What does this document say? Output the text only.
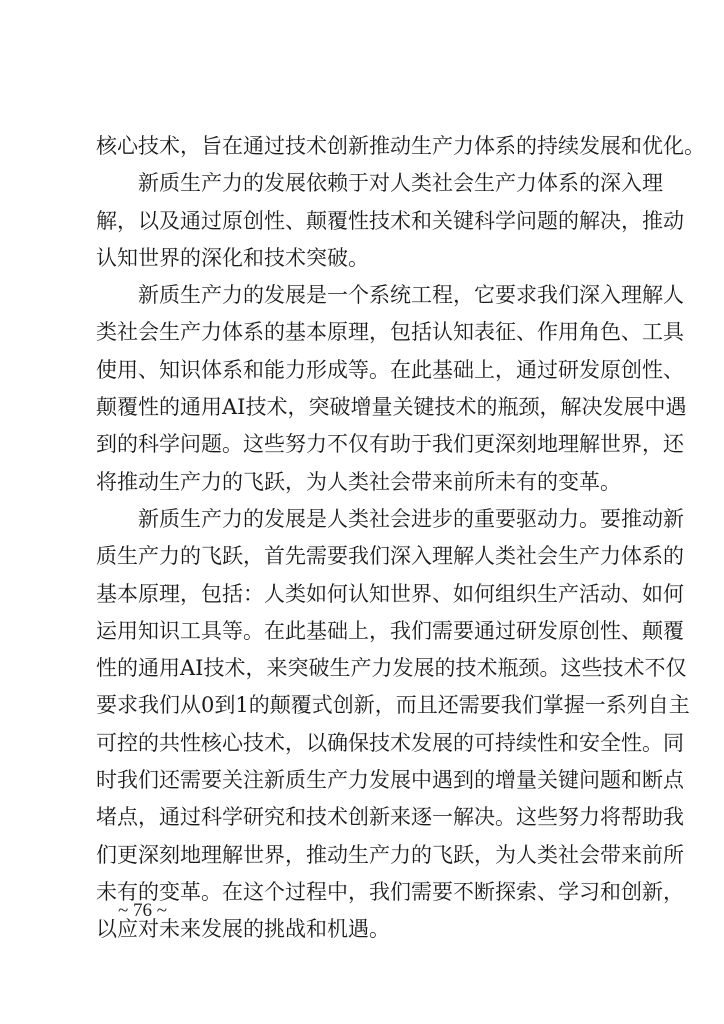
核心技术，旨在通过技术创新推动生产力体系的持续发展和优化。
新质生产力的发展依赖于对人类社会生产力体系的深入理
解，以及通过原创性、颠覆性技术和关键科学问题的解决，推动
认知世界的深化和技术突破。
新质生产力的发展是一个系统工程，它要求我们深入理解人
类社会生产力体系的基本原理，包括认知表征、作用角色、工具
使用、知识体系和能力形成等。在此基础上，通过研发原创性、
颠覆性的通用AI技术，突破增量关键技术的瓶颈，解决发展中遇
到的科学问题。这些努力不仅有助于我们更深刻地理解世界，还
将推动生产力的飞跃，为人类社会带来前所未有的变革。
新质生产力的发展是人类社会进步的重要驱动力。要推动新
质生产力的飞跃，首先需要我们深入理解人类社会生产力体系的
基本原理，包括：人类如何认知世界、如何组织生产活动、如何
运用知识工具等。在此基础上，我们需要通过研发原创性、颠覆
性的通用AI技术，来突破生产力发展的技术瓶颈。这些技术不仅
要求我们从0到1的颠覆式创新，而且还需要我们掌握一系列自主
可控的共性核心技术，以确保技术发展的可持续性和安全性。同
时我们还需要关注新质生产力发展中遇到的增量关键问题和断点
堵点，通过科学研究和技术创新来逐一解决。这些努力将帮助我
们更深刻地理解世界，推动生产力的飞跃，为人类社会带来前所
未有的变革。在这个过程中，我们需要不断探索、学习和创新，
以应对未来发展的挑战和机遇。
~ 76 ~
